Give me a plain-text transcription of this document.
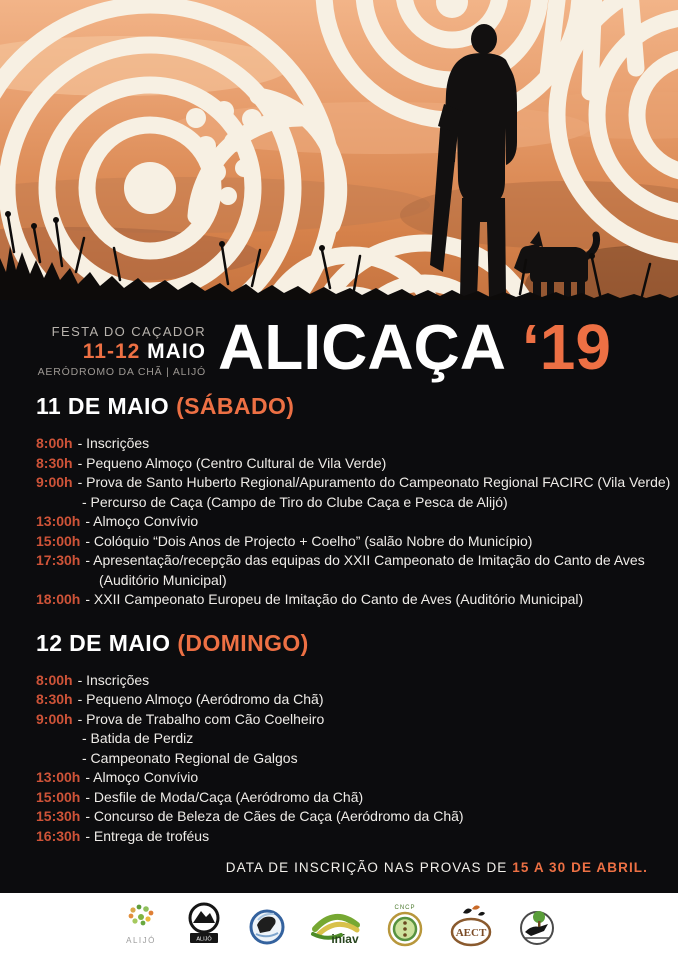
FESTA DO CAÇADOR
11-12 MAIO
AERÓDROMO DA CHÃ | ALIJÓ ALICAÇA ‘19
11 DE MAIO (SÁBADO)
8:00h - Inscrições
8:30h - Pequeno Almoço (Centro Cultural de Vila Verde)
9:00h - Prova de Santo Huberto Regional/Apuramento do Campeonato Regional FACIRC (Vila Verde)
- Percurso de Caça (Campo de Tiro do Clube Caça e Pesca de Alijó)
13:00h - Almoço Convívio
15:00h - Colóquio “Dois Anos de Projecto + Coelho” (salão Nobre do Município)
17:30h - Apresentação/recepção das equipas do XXII Campeonato de Imitação do Canto de Aves
(Auditório Municipal)
18:00h - XXII Campeonato Europeu de Imitação do Canto de Aves (Auditório Municipal)
12 DE MAIO (DOMINGO)
8:00h - Inscrições
8:30h - Pequeno Almoço (Aeródromo da Chã)
9:00h - Prova de Trabalho com Cão Coelheiro
- Batida de Perdiz
- Campeonato Regional de Galgos
13:00h - Almoço Convívio
15:00h - Desfile de Moda/Caça (Aeródromo da Chã)
15:30h - Concurso de Beleza de Cães de Caça (Aeródromo da Chã)
16:30h - Entrega de troféus
DATA DE INSCRIÇÃO NAS PROVAS DE 15 A 30 DE ABRIL.
ALIJÓ	ALIJÓ	iniav
CNCP
AECT
